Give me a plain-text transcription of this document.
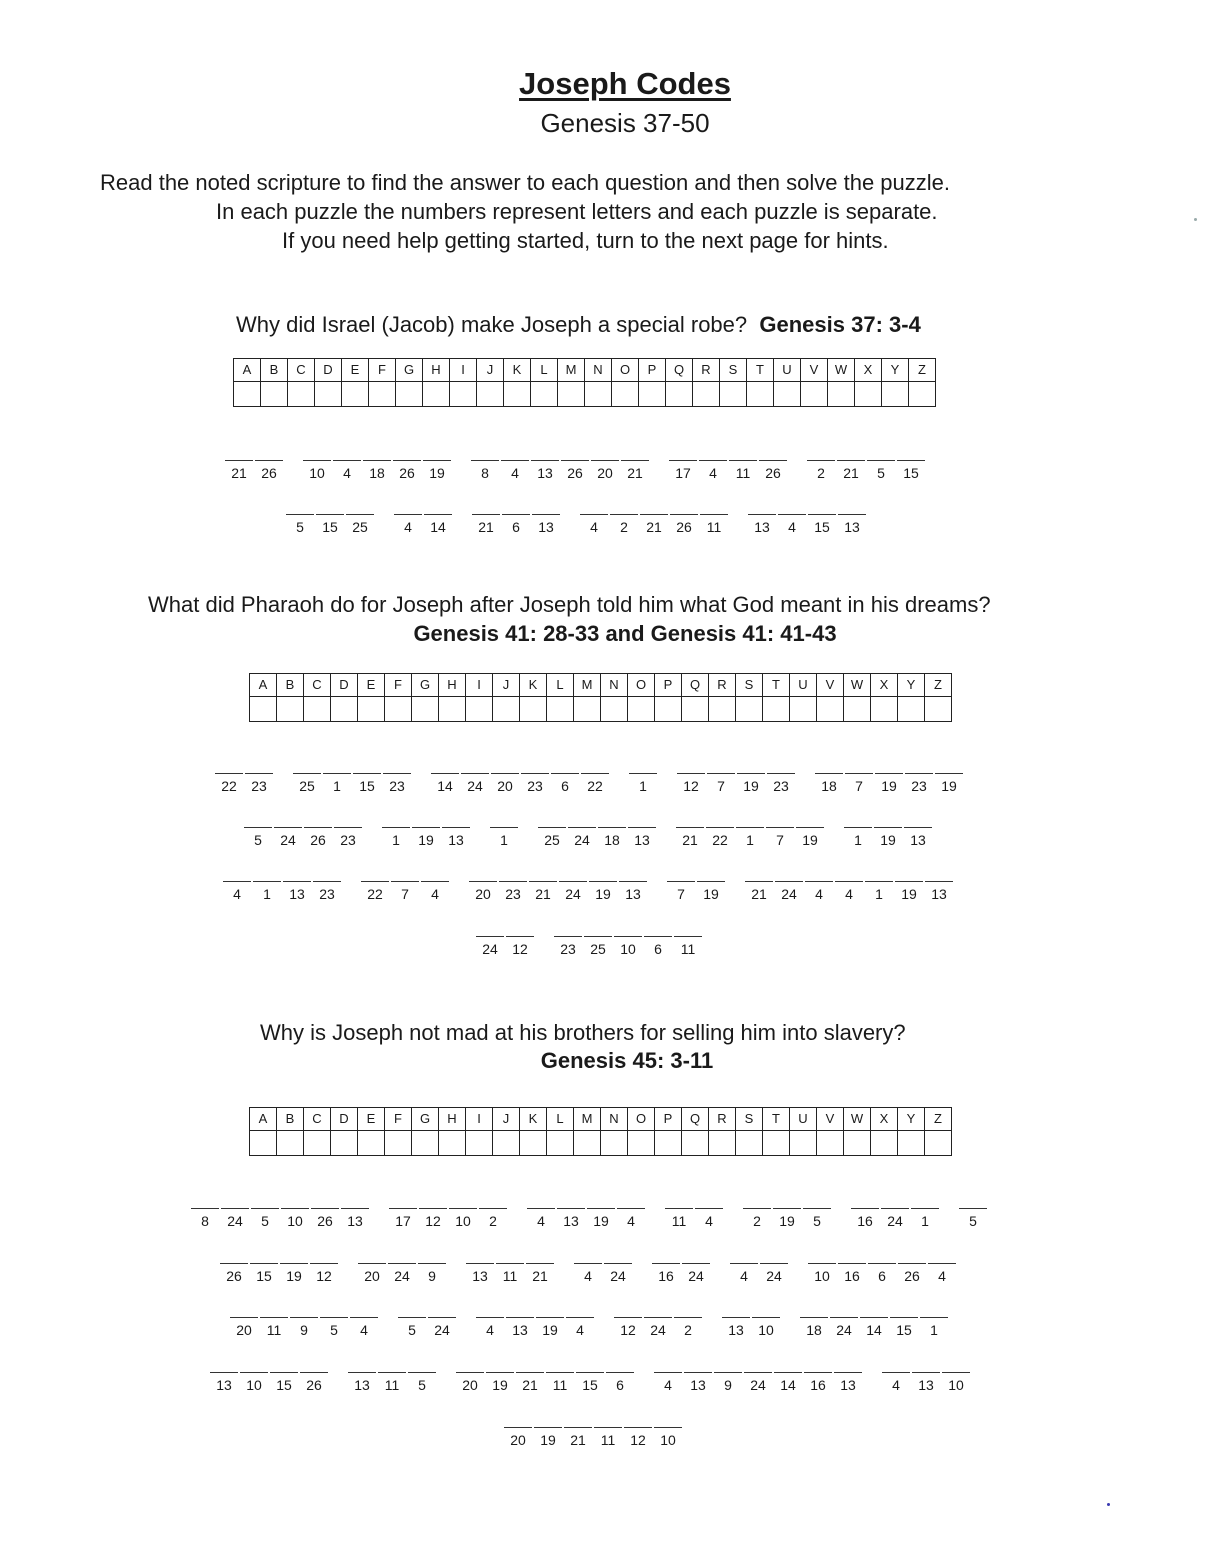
Joseph Codes
Genesis 37-50
Read the noted scripture to find the answer to each question and then solve the puzzle.
In each puzzle the numbers represent letters and each puzzle is separate.
If you need help getting started, turn to the next page for hints.
Why did Israel (Jacob) make Joseph a special robe? Genesis 37: 3-4
A	B	C	D	E	F	G	H	I	J	K	L	M	N	O	P	Q	R	S	T	U	V	W	X	Y	Z

21	26	10	4	18	26	19	8	4	13	26	20	21	17	4	11	26	2	21	5	15
5	15	25	4	14	21	6	13	4	2	21	26	11	13	4	15	13
What did Pharaoh do for Joseph after Joseph told him what God meant in his dreams?
Genesis 41: 28-33 and Genesis 41: 41-43
A	B	C	D	E	F	G	H	I	J	K	L	M	N	O	P	Q	R	S	T	U	V	W	X	Y	Z

22	23	25	1	15	23	14	24	20	23	6	22	1	12	7	19	23	18	7	19	23	19
5	24	26	23	1	19	13	1	25	24	18	13	21	22	1	7	19	1	19	13
4	1	13	23	22	7	4	20	23	21	24	19	13	7	19	21	24	4	4	1	19	13
24	12	23	25	10	6	11
Why is Joseph not mad at his brothers for selling him into slavery?
Genesis 45: 3-11
A	B	C	D	E	F	G	H	I	J	K	L	M	N	O	P	Q	R	S	T	U	V	W	X	Y	Z

8	24	5	10	26	13	17	12	10	2	4	13	19	4	11	4	2	19	5	16	24	1	5
26	15	19	12	20	24	9	13	11	21	4	24	16	24	4	24	10	16	6	26	4
20	11	9	5	4	5	24	4	13	19	4	12	24	2	13	10	18	24	14	15	1
13	10	15	26	13	11	5	20	19	21	11	15	6	4	13	9	24	14	16	13	4	13	10
20	19	21	11	12	10
